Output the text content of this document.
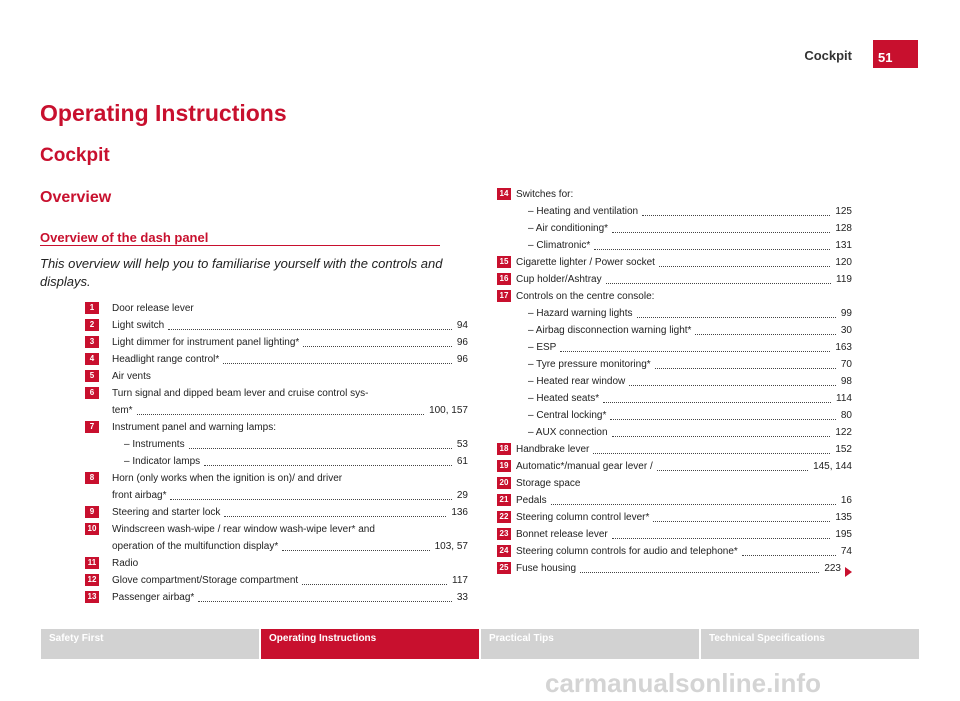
Cockpit	51
Operating Instructions
Cockpit
Overview
Overview of the dash panel

This overview will help you to familiarise yourself with the controls and displays.

1	Door release lever
2	Light switch	94
3	Light dimmer for instrument panel lighting*	96
4	Headlight range control*	96
5	Air vents
6	Turn signal and dipped beam lever and cruise control sys-
tem*	100, 157
7	Instrument panel and warning lamps:
– Instruments	53
– Indicator lamps	61
8	Horn (only works when the ignition is on)/ and driver
front airbag*	29
9	Steering and starter lock	136
10 Windscreen wash-wipe / rear window wash-wipe lever* and
operation of the multifunction display*	103, 57
11 Radio
12 Glove compartment/Storage compartment	117
13 Passenger airbag*	33
14 Switches for:
– Heating and ventilation	125
– Air conditioning*	128
– Climatronic*	131
15 Cigarette lighter / Power socket	120
16 Cup holder/Ashtray	119
17 Controls on the centre console:
– Hazard warning lights	99
– Airbag disconnection warning light*	30
– ESP	163
– Tyre pressure monitoring*	70
– Heated rear window	98
– Heated seats*	114
– Central locking*	80
– AUX connection	122
18 Handbrake lever	152
19 Automatic*/manual gear lever /	145, 144
20 Storage space
21 Pedals	16
22 Steering column control lever*	135
23 Bonnet release lever	195
24 Steering column controls for audio and telephone*	74
25 Fuse housing	223
Safety First	Operating Instructions	Practical Tips	Technical Specifications
carmanualsonline.info
